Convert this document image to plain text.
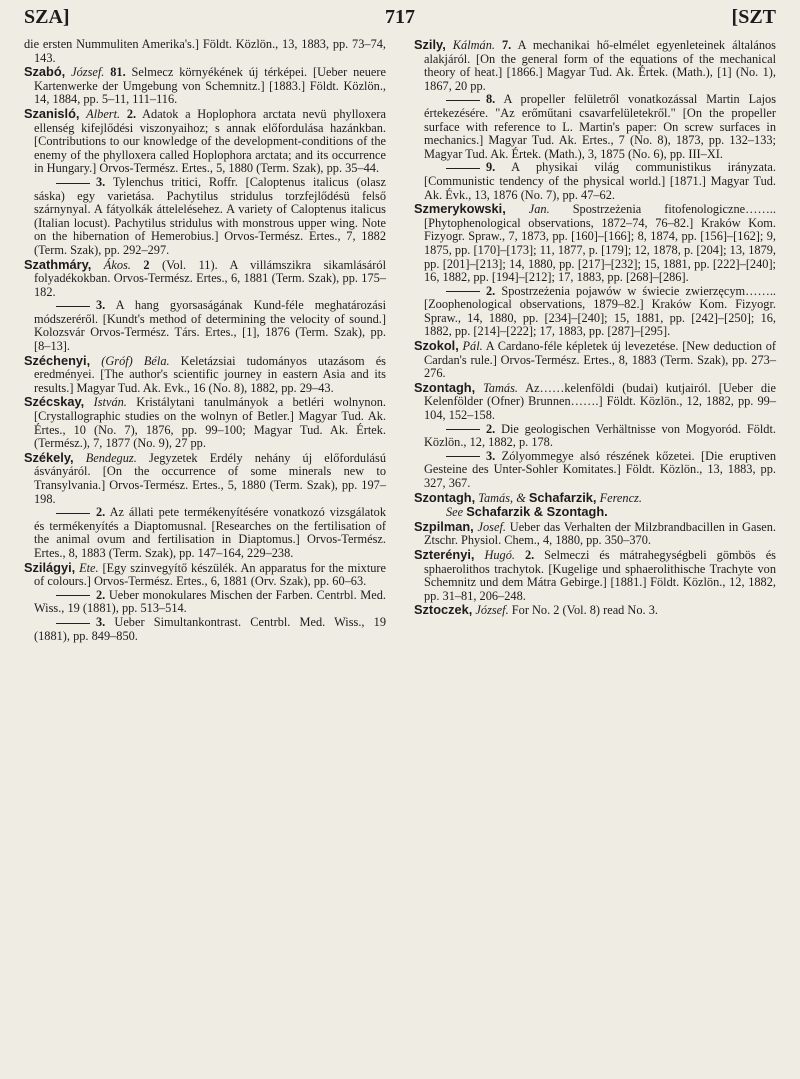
SZA]	717	[SZT

die ersten Nummuliten Amerika's.] Földt. Közlön., 13, 1883, pp. 73–74, 143.

Szabó, József. 81. Selmecz környékének új térképei. [Ueber neuere Kartenwerke der Umgebung von Schemnitz.] [1883.] Földt. Közlön., 14, 1884, pp. 5–11, 111–116.

Szanisló, Albert. 2. Adatok a Hoplophora arctata nevü phylloxera ellenség kifejlődési viszonyaihoz; s annak előfordulása hazánkban. [Contributions to our knowledge of the development-conditions of the enemy of the phylloxera called Hoplophora arctata; and its occurrence in Hungary.] Orvos-Termész. Ertes., 5, 1880 (Term. Szak), pp. 35–44.

3. Tylenchus tritici, Roffr. [Caloptenus italicus (olasz sáska) egy varietása. Pachytilus stridulus torzfejlődésü felső szárnynyal. A fátyolkák áttelelésehez. A variety of Caloptenus italicus (Italian locust). Pachytilus stridulus with monstrous upper wing. Note on the hibernation of Hemerobius.] Orvos-Termész. Ertes., 7, 1882 (Term. Szak), pp. 292–297.

Szathmáry, Ákos. 2 (Vol. 11). A villámszikra sikamlásáról folyadékokban. Orvos-Termész. Ertes., 6, 1881 (Term. Szak), pp. 175–182.

3. A hang gyorsaságának Kund-féle meghatározási módszeréről. [Kundt's method of determining the velocity of sound.] Kolozsvár Orvos-Termész. Társ. Ertes., [1], 1876 (Term. Szak), pp. [8–13].

Széchenyi, (Gróf) Béla. Keletázsiai tudományos utazásom és eredményei. [The author's scientific journey in eastern Asia and its results.] Magyar Tud. Ak. Evk., 16 (No. 8), 1882, pp. 29–43.

Szécskay, István. Kristálytani tanulmányok a betléri wolnynon. [Crystallographic studies on the wolnyn of Betler.] Magyar Tud. Ak. Értes., 10 (No. 7), 1876, pp. 99–100; Magyar Tud. Ak. Értek. (Termész.), 7, 1877 (No. 9), 27 pp.

Székely, Bendeguz. Jegyzetek Erdély nehány új előfordulású ásványáról. [On the occurrence of some minerals new to Transylvania.] Orvos-Termész. Ertes., 5, 1880 (Term. Szak), pp. 197–198.

2. Az állati pete termékenyítésére vonatkozó vizsgálatok és termékenyítés a Diaptomusnal. [Researches on the fertilisation of the animal ovum and fertilisation in Diaptomus.] Orvos-Termész. Ertes., 8, 1883 (Term. Szak), pp. 147–164, 229–238.

Szilágyi, Ete. [Egy szinvegyítő készülék. An apparatus for the mixture of colours.] Orvos-Termész. Ertes., 6, 1881 (Orv. Szak), pp. 60–63.

2. Ueber monokulares Mischen der Farben. Centrbl. Med. Wiss., 19 (1881), pp. 513–514.

3. Ueber Simultankontrast. Centrbl. Med. Wiss., 19 (1881), pp. 849–850.

Szily, Kálmán. 7. A mechanikai hő-elmélet egyenleteinek általános alakjáról. [On the general form of the equations of the mechanical theory of heat.] [1866.] Magyar Tud. Ak. Értek. (Math.), [1] (No. 1), 1867, 20 pp.

8. A propeller felületről vonatkozással Martin Lajos értekezésére. "Az erőműtani csavarfelületekről." [On the propeller surface with reference to L. Martin's paper: On screw surfaces in mechanics.] Magyar Tud. Ak. Ertes., 7 (No. 8), 1873, pp. 132–133; Magyar Tud. Ak. Értek. (Math.), 3, 1875 (No. 6), pp. III–XI.

9. A physikai világ communistikus irányzata. [Communistic tendency of the physical world.] [1871.] Magyar Tud. Ak. Évk., 13, 1876 (No. 7), pp. 47–62.

Szmerykowski, Jan. Spostrzeżenia fitofenologiczne…….. [Phytophenological observations, 1872–74, 76–82.] Kraków Kom. Fizyogr. Spraw., 7, 1873, pp. [160]–[166]; 8, 1874, pp. [156]–[162]; 9, 1875, pp. [170]–[173]; 11, 1877, p. [179]; 12, 1878, p. [204]; 13, 1879, pp. [201]–[213]; 14, 1880, pp. [217]–[232]; 15, 1881, pp. [222]–[240]; 16, 1882, pp. [194]–[212]; 17, 1883, pp. [268]–[286].

2. Spostrzeżenia pojawów w świecie zwierzęcym…….. [Zoophenological observations, 1879–82.] Kraków Kom. Fizyogr. Spraw., 14, 1880, pp. [234]–[240]; 15, 1881, pp. [242]–[250]; 16, 1882, pp. [214]–[222]; 17, 1883, pp. [287]–[295].

Szokol, Pál. A Cardano-féle képletek új levezetése. [New deduction of Cardan's rule.] Orvos-Termész. Ertes., 8, 1883 (Term. Szak), pp. 273–276.

Szontagh, Tamás. Az……kelenföldi (budai) kutjairól. [Ueber die Kelenfölder (Ofner) Brunnen…….] Földt. Közlön., 12, 1882, pp. 99–104, 152–158.

2. Die geologischen Verhältnisse von Mogyoród. Földt. Közlön., 12, 1882, p. 178.

3. Zólyommegye alsó részének kőzetei. [Die eruptiven Gesteine des Unter-Sohler Komitates.] Földt. Közlön., 13, 1883, pp. 327, 367.

Szontagh, Tamás, & Schafarzik, Ferencz.

See Schafarzik & Szontagh.

Szpilman, Josef. Ueber das Verhalten der Milzbrandbacillen in Gasen. Ztschr. Physiol. Chem., 4, 1880, pp. 350–370.

Szterényi, Hugó. 2. Selmeczi és mátrahegységbeli gömbös és sphaerolithos trachytok. [Kugelige und sphaerolithische Trachyte von Schemnitz und dem Mátra Gebirge.] [1881.] Földt. Közlön., 12, 1882, pp. 31–81, 206–248.

Sztoczek, József. For No. 2 (Vol. 8) read No. 3.
